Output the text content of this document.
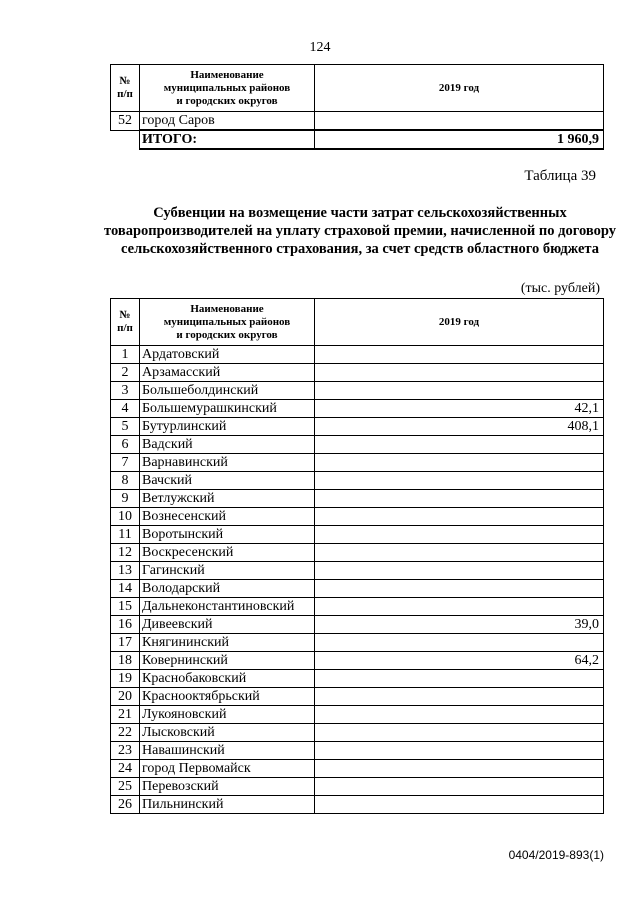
124
№
п/п	Наименование
муниципальных районов
и городских округов	2019 год
52	город Саров	
	ИТОГО:	1 960,9
Таблица 39
Субвенции на возмещение части затрат сельскохозяйственных товаропроизводителей на уплату страховой премии, начисленной по договору сельскохозяйственного страхования, за счет средств областного бюджета
(тыс. рублей)
№
п/п	Наименование
муниципальных районов
и городских округов	2019 год
1	Ардатовский	
2	Арзамасский	
3	Большеболдинский	
4	Большемурашкинский	42,1
5	Бутурлинский	408,1
6	Вадский	
7	Варнавинский	
8	Вачский	
9	Ветлужский	
10	Вознесенский	
11	Воротынский	
12	Воскресенский	
13	Гагинский	
14	Володарский	
15	Дальнеконстантиновский	
16	Дивеевский	39,0
17	Княгининский	
18	Ковернинский	64,2
19	Краснобаковский	
20	Краснооктябрьский	
21	Лукояновский	
22	Лысковский	
23	Навашинский	
24	город Первомайск	
25	Перевозский	
26	Пильнинский	
0404/2019-893(1)
